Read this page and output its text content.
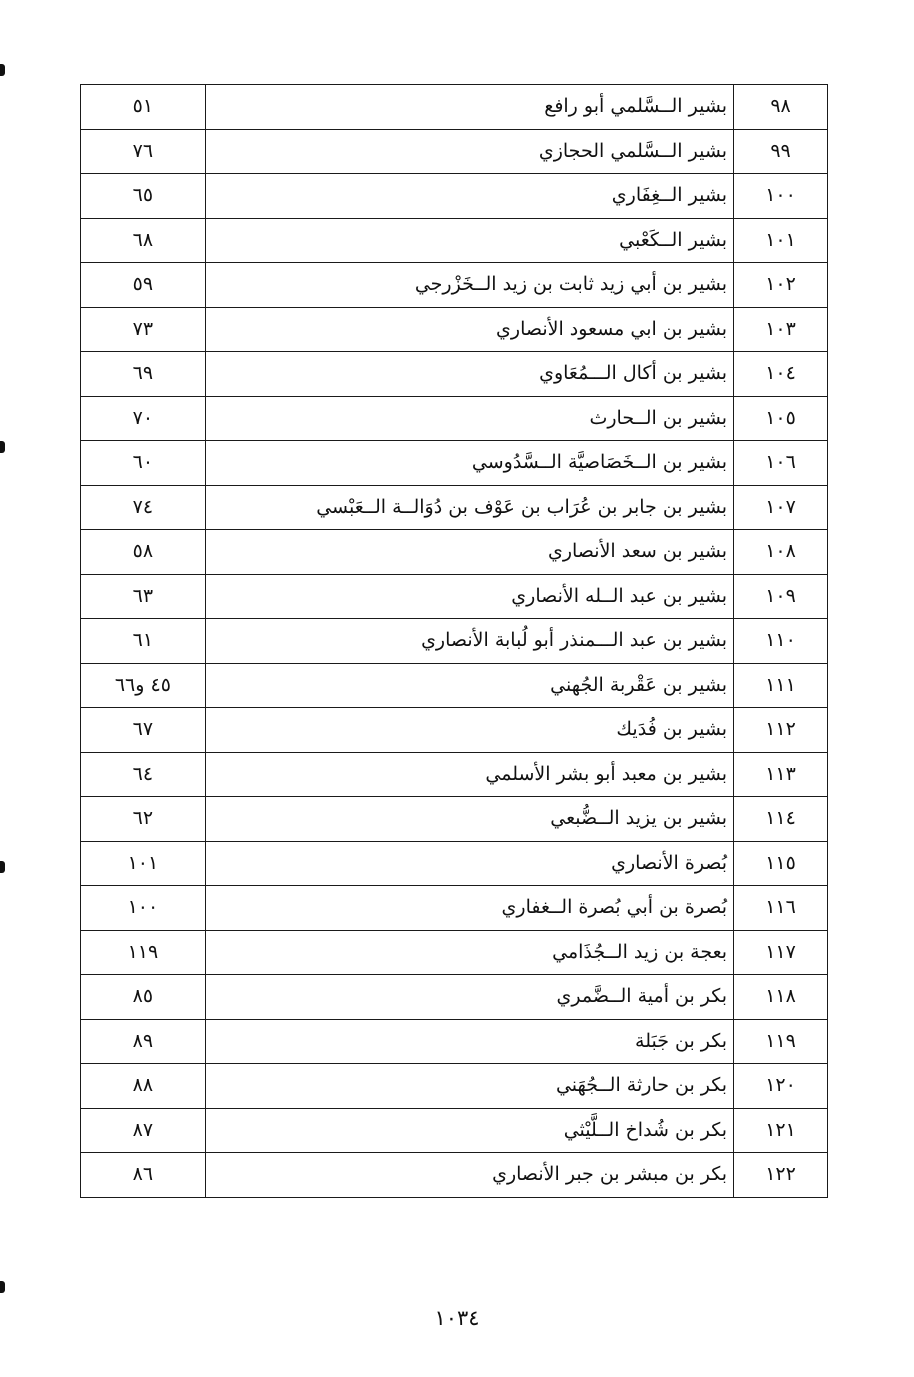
٩٨	بشير الــسَّلمي أبو رافع	٥١
٩٩	بشير الــسَّلمي الحجازي	٧٦
١٠٠	بشير الــغِفَاري	٦٥
١٠١	بشير الــكَعْبي	٦٨
١٠٢	بشير بن أبي زيد ثابت بن زيد الــخَزْرجي	٥٩
١٠٣	بشير بن ابي مسعود الأنصاري	٧٣
١٠٤	بشير بن أكال الـــمُعَاوي	٦٩
١٠٥	بشير بن الــحارث	٧٠
١٠٦	بشير بن الــخَصَاصيَّة الــسَّدُوسي	٦٠
١٠٧	بشير بن جابر بن عُرَاب بن عَوْف بن دُوَالــة الــعَبْسي	٧٤
١٠٨	بشير بن سعد الأنصاري	٥٨
١٠٩	بشير بن عبد الــله الأنصاري	٦٣
١١٠	بشير بن عبد الـــمنذر أبو لُبابة الأنصاري	٦١
١١١	بشير بن عَقْربة الجُهني	٤٥ و٦٦
١١٢	بشير بن فُدَيك	٦٧
١١٣	بشير بن معبد أبو بشر الأسلمي	٦٤
١١٤	بشير بن يزيد الــضُّبعي	٦٢
١١٥	بُصرة الأنصاري	١٠١
١١٦	بُصرة بن أبي بُصرة الــغفاري	١٠٠
١١٧	بعجة بن زيد الــجُذَامي	١١٩
١١٨	بكر بن أمية الــضَّمري	٨٥
١١٩	بكر بن جَبَلة	٨٩
١٢٠	بكر بن حارثة الــجُهَني	٨٨
١٢١	بكر بن شُداخ الــلَّيْثي	٨٧
١٢٢	بكر بن مبشر بن جبر الأنصاري	٨٦
١٠٣٤
